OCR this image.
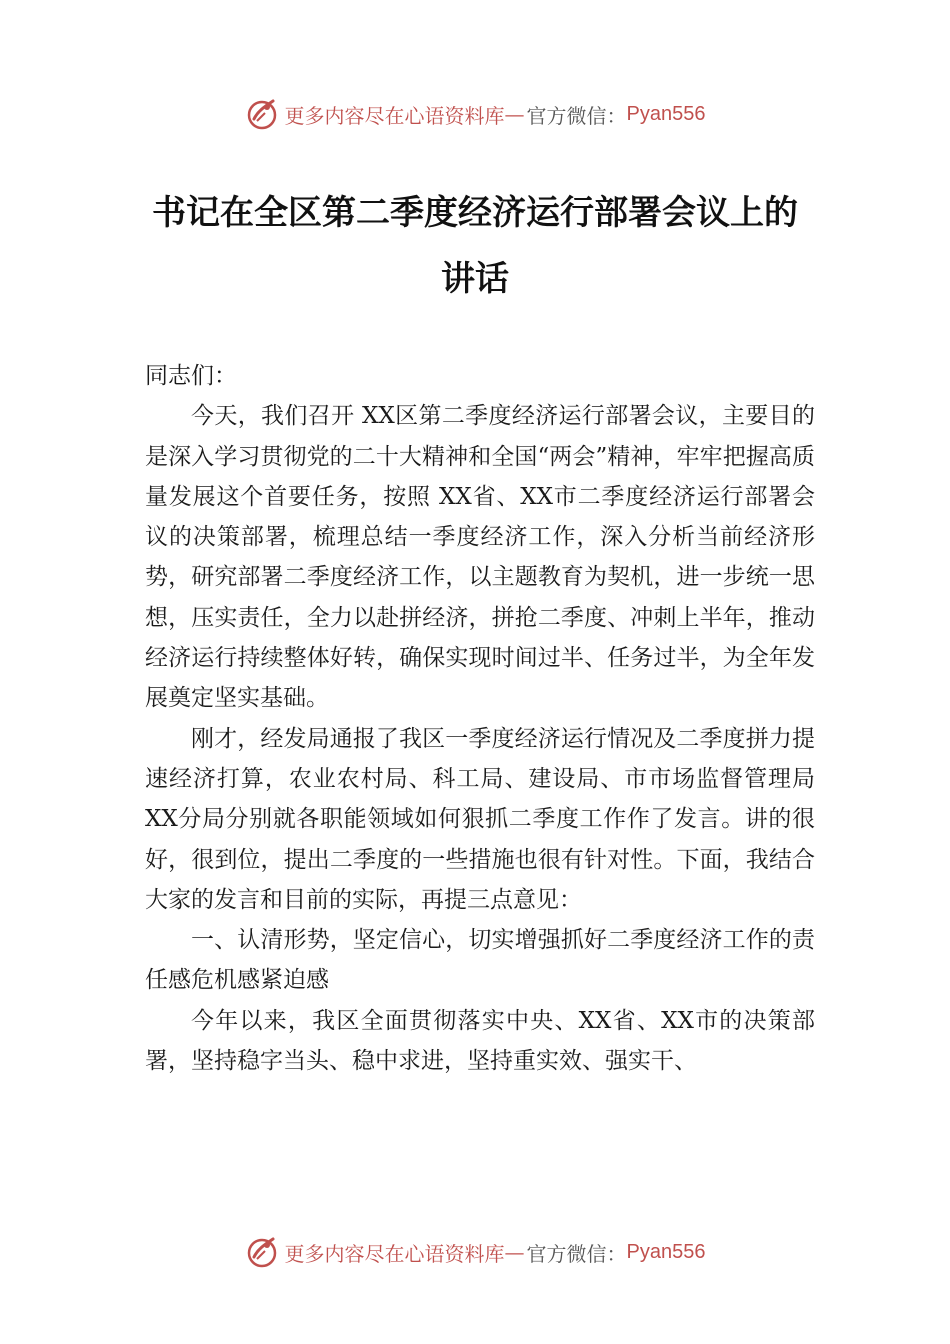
更多内容尽在心语资料库 — 官方微信： Pyan556
书记在全区第二季度经济运行部署会议上的讲话

同志们：

今天，我们召开 XX区第二季度经济运行部署会议，主要目的是深入学习贯彻党的二十大精神和全国“两会”精神，牢牢把握高质量发展这个首要任务，按照 XX省、XX市二季度经济运行部署会议的决策部署，梳理总结一季度经济工作，深入分析当前经济形势，研究部署二季度经济工作，以主题教育为契机，进一步统一思想，压实责任，全力以赴拼经济，拼抢二季度、冲刺上半年，推动经济运行持续整体好转，确保实现时间过半、任务过半，为全年发展奠定坚实基础。

刚才，经发局通报了我区一季度经济运行情况及二季度拼力提速经济打算，农业农村局、科工局、建设局、市市场监督管理局 XX分局分别就各职能领域如何狠抓二季度工作作了发言。讲的很好，很到位，提出二季度的一些措施也很有针对性。下面，我结合大家的发言和目前的实际，再提三点意见：

一、认清形势，坚定信心，切实增强抓好二季度经济工作的责任感危机感紧迫感

今年以来，我区全面贯彻落实中央、XX省、XX市的决策部署，坚持稳字当头、稳中求进，坚持重实效、强实干、

更多内容尽在心语资料库 — 官方微信： Pyan556
